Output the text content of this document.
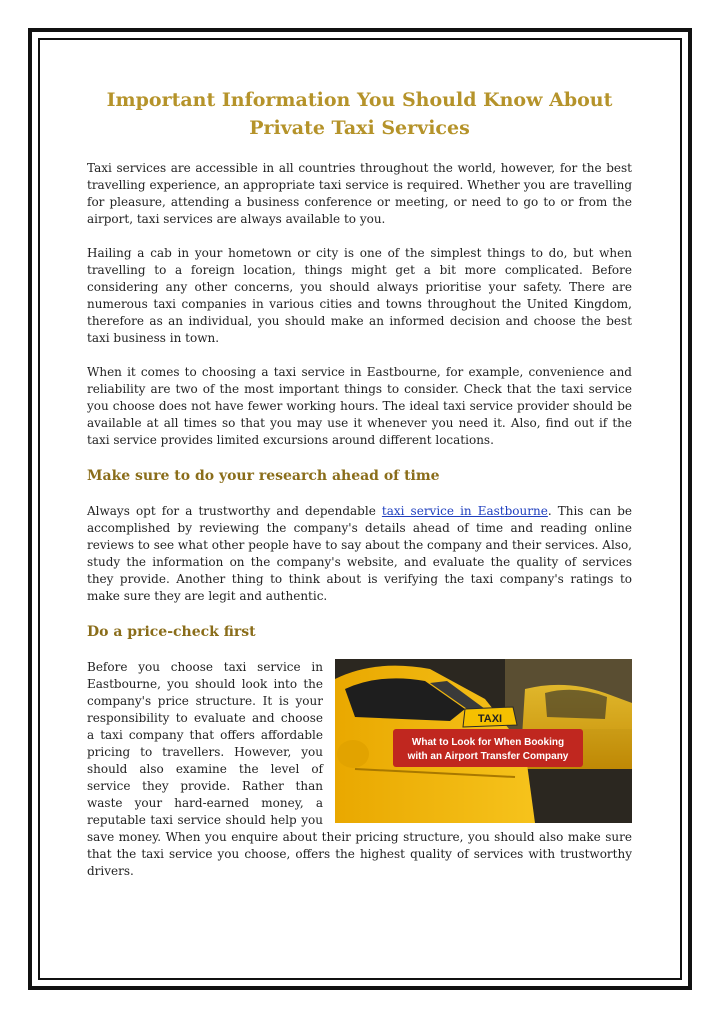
Important Information You Should Know About Private Taxi Services

Taxi services are accessible in all countries throughout the world, however, for the best travelling experience, an appropriate taxi service is required. Whether you are travelling for pleasure, attending a business conference or meeting, or need to go to or from the airport, taxi services are always available to you.

Hailing a cab in your hometown or city is one of the simplest things to do, but when travelling to a foreign location, things might get a bit more complicated. Before considering any other concerns, you should always prioritise your safety. There are numerous taxi companies in various cities and towns throughout the United Kingdom, therefore as an individual, you should make an informed decision and choose the best taxi business in town.

When it comes to choosing a taxi service in Eastbourne, for example, convenience and reliability are two of the most important things to consider. Check that the taxi service you choose does not have fewer working hours. The ideal taxi service provider should be available at all times so that you may use it whenever you need it. Also, find out if the taxi service provides limited excursions around different locations.

Make sure to do your research ahead of time

Always opt for a trustworthy and dependable taxi service in Eastbourne. This can be accomplished by reviewing the company's details ahead of time and reading online reviews to see what other people have to say about the company and their services. Also, study the information on the company's website, and evaluate the quality of services they provide. Another thing to think about is verifying the taxi company's ratings to make sure they are legit and authentic.

Do a price-check first
TAXI
What to Look for When Booking
with an Airport Transfer Company

Before you choose taxi service in Eastbourne, you should look into the company's price structure. It is your responsibility to evaluate and choose a taxi company that offers affordable pricing to travellers. However, you should also examine the level of service they provide. Rather than waste your hard-earned money, a reputable taxi service should help you save money. When you enquire about their pricing structure, you should also make sure that the taxi service you choose, offers the highest quality of services with trustworthy drivers.
